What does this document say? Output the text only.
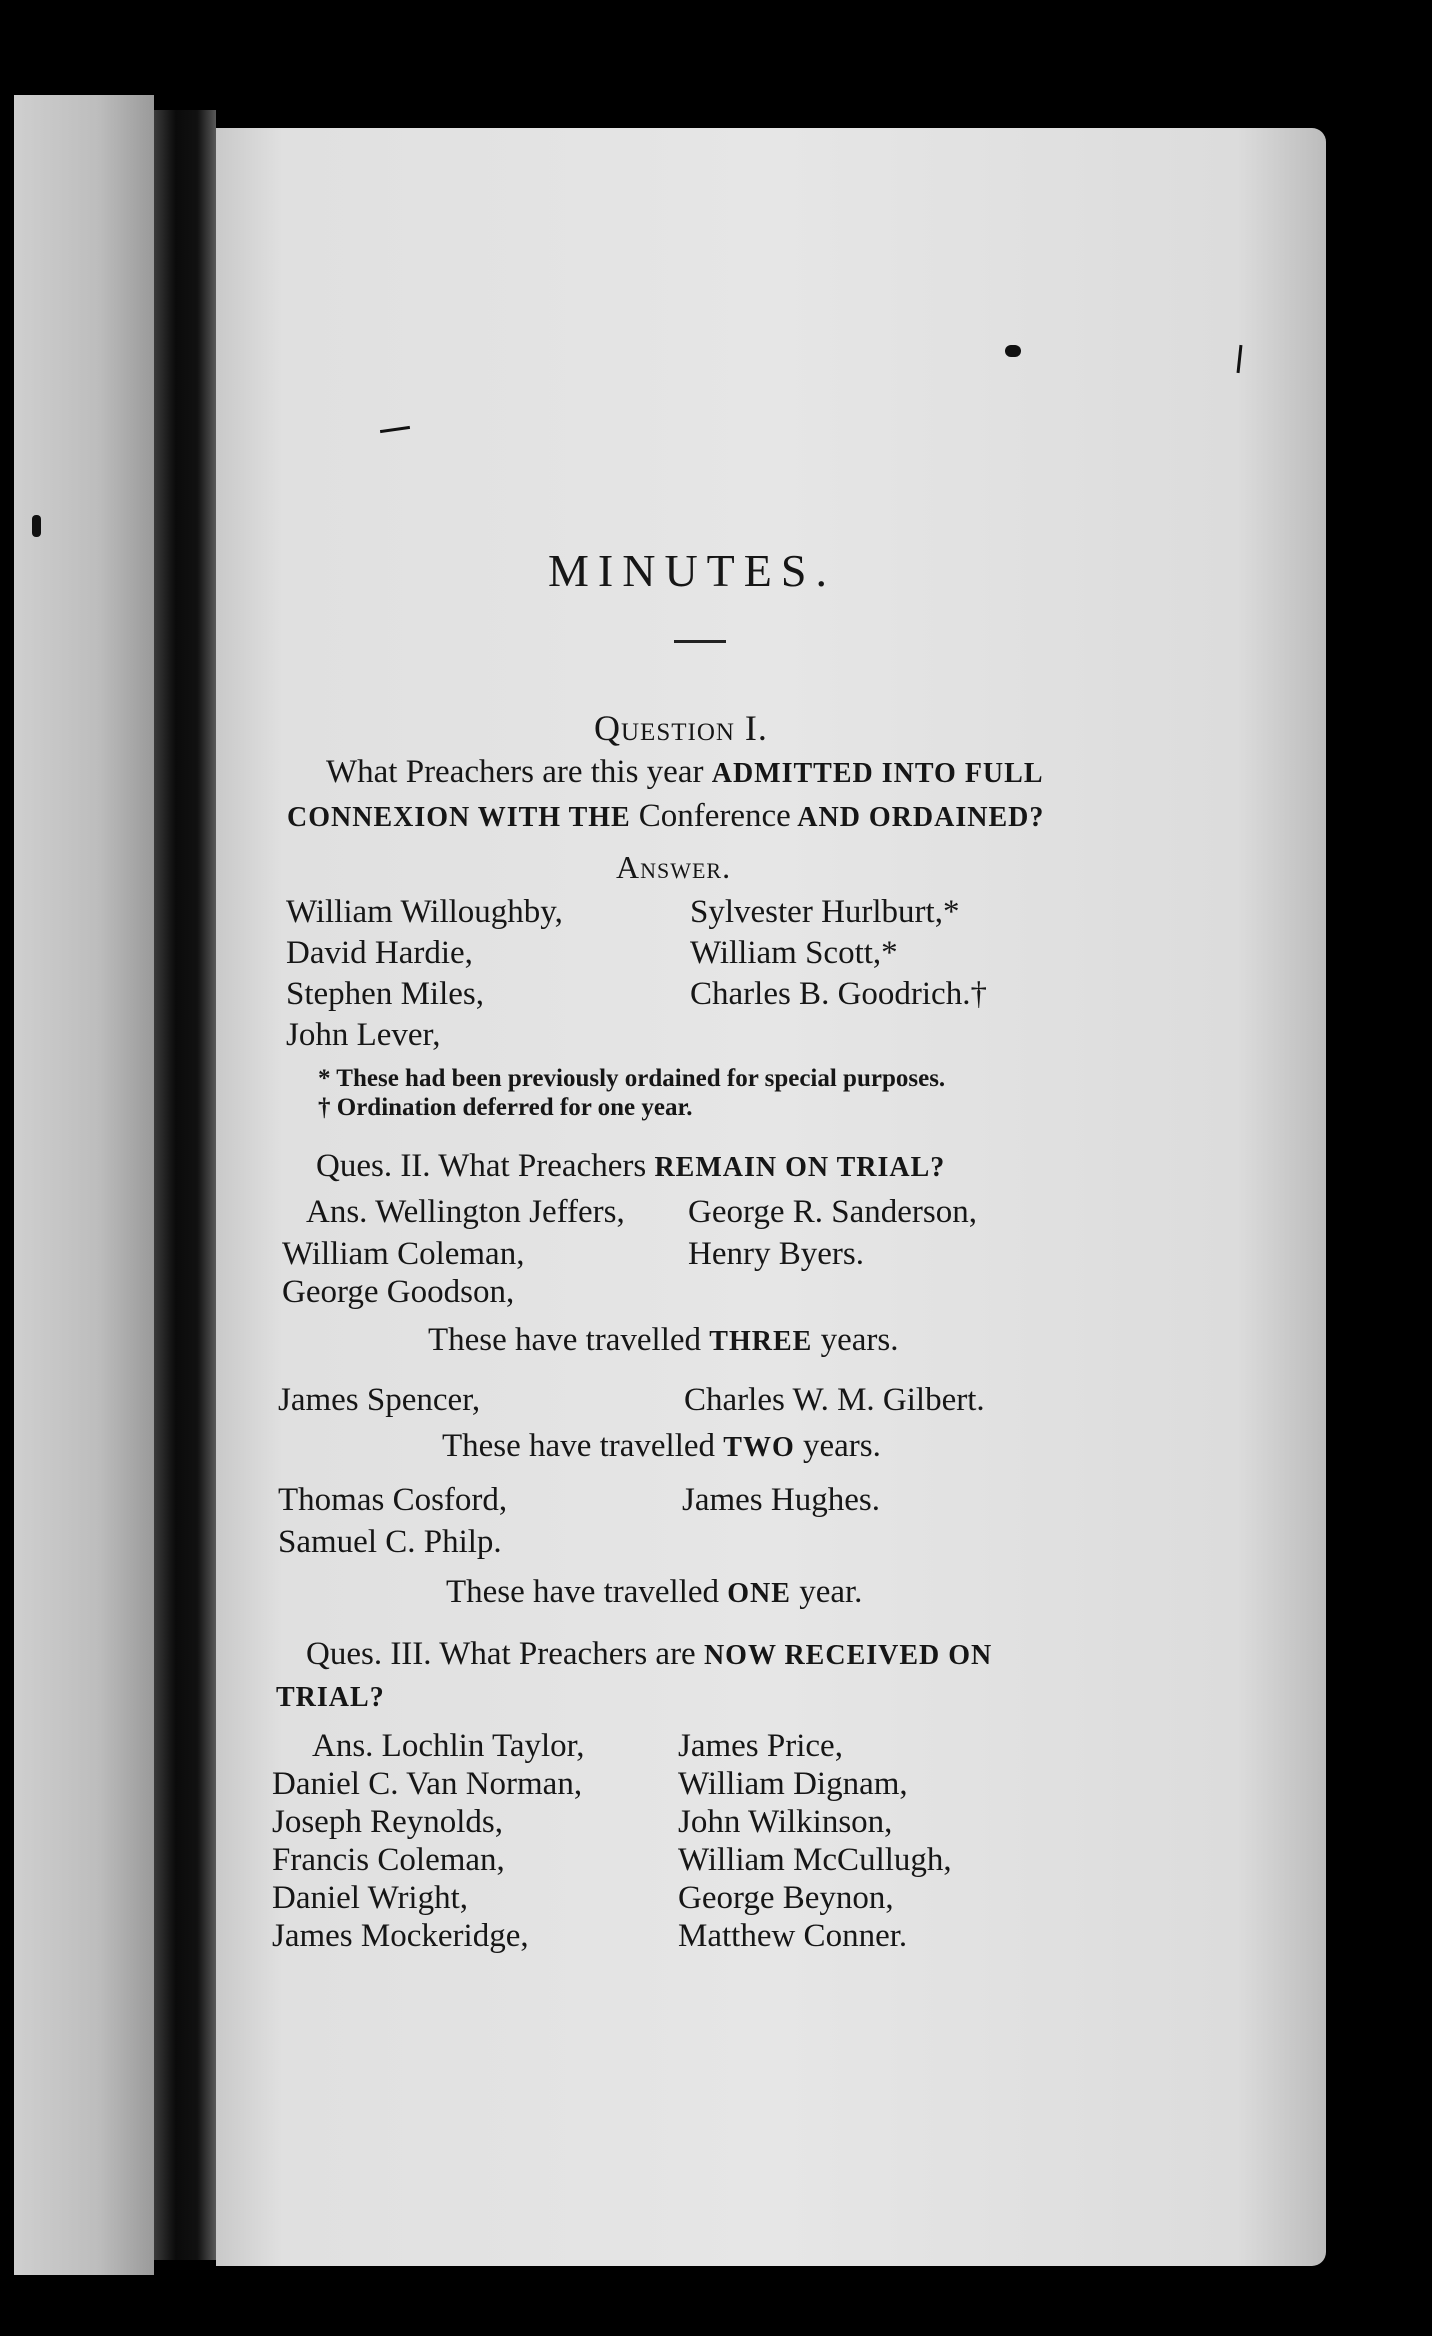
MINUTES.
Question I.
What Preachers are this year ADMITTED INTO FULL
CONNEXION WITH THE Conference AND ORDAINED?
Answer.
William Willoughby,
David Hardie,
Stephen Miles,
John Lever,
Sylvester Hurlburt,*
William Scott,*
Charles B. Goodrich.†
* These had been previously ordained for special purposes.
† Ordination deferred for one year.
Ques. II. What Preachers REMAIN ON TRIAL?
Ans. Wellington Jeffers,
William Coleman,
George Goodson,
George R. Sanderson,
Henry Byers.
These have travelled THREE years.
James Spencer,	Charles W. M. Gilbert.
These have travelled TWO years.
Thomas Cosford,
Samuel C. Philp.
James Hughes.
These have travelled ONE year.
Ques. III. What Preachers are NOW RECEIVED ON
TRIAL?
Ans. Lochlin Taylor,
Daniel C. Van Norman,
Joseph Reynolds,
Francis Coleman,
Daniel Wright,
James Mockeridge,
James Price,
William Dignam,
John Wilkinson,
William McCullugh,
George Beynon,
Matthew Conner.
